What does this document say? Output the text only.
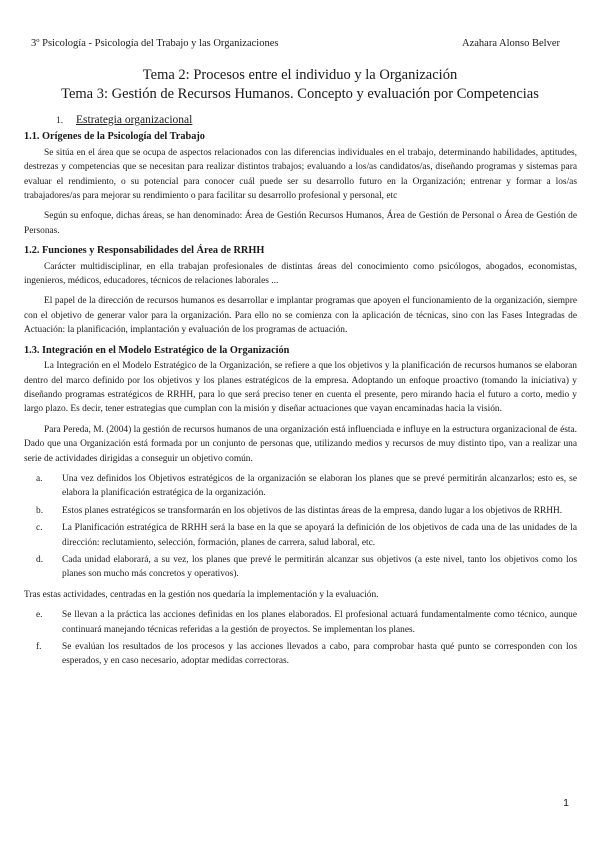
3º Psicología - Psicología del Trabajo y las Organizaciones	Azahara Alonso Belver
Tema 2: Procesos entre el individuo y la Organización
Tema 3: Gestión de Recursos Humanos. Concepto y evaluación por Competencias
1. Estrategia organizacional
1.1. Orígenes de la Psicología del Trabajo

Se sitúa en el área que se ocupa de aspectos relacionados con las diferencias individuales en el trabajo, determinando habilidades, aptitudes, destrezas y competencias que se necesitan para realizar distintos trabajos; evaluando a los/as candidatos/as, diseñando programas y sistemas para evaluar el rendimiento, o su potencial para conocer cuál puede ser su desarrollo futuro en la Organización; entrenar y formar a los/as trabajadores/as para mejorar su rendimiento o para facilitar su desarrollo profesional y personal, etc

Según su enfoque, dichas áreas, se han denominado: Área de Gestión Recursos Humanos, Área de Gestión de Personal o Área de Gestión de Personas.

1.2. Funciones y Responsabilidades del Área de RRHH

Carácter multidisciplinar, en ella trabajan profesionales de distintas áreas del conocimiento como psicólogos, abogados, economistas, ingenieros, médicos, educadores, técnicos de relaciones laborales ...

El papel de la dirección de recursos humanos es desarrollar e implantar programas que apoyen el funcionamiento de la organización, siempre con el objetivo de generar valor para la organización. Para ello no se comienza con la aplicación de técnicas, sino con las Fases Integradas de Actuación: la planificación, implantación y evaluación de los programas de actuación.

1.3. Integración en el Modelo Estratégico de la Organización

La Integración en el Modelo Estratégico de la Organización, se refiere a que los objetivos y la planificación de recursos humanos se elaboran dentro del marco definido por los objetivos y los planes estratégicos de la empresa. Adoptando un enfoque proactivo (tomando la iniciativa) y diseñando programas estratégicos de RRHH, para lo que será preciso tener en cuenta el presente, pero mirando hacia el futuro a corto, medio y largo plazo. Es decir, tener estrategias que cumplan con la misión y diseñar actuaciones que vayan encaminadas hacia la visión.

Para Pereda, M. (2004) la gestión de recursos humanos de una organización está influenciada e influye en la estructura organizacional de ésta. Dado que una Organización está formada por un conjunto de personas que, utilizando medios y recursos de muy distinto tipo, van a realizar una serie de actividades dirigidas a conseguir un objetivo común.

a.	Una vez definidos los Objetivos estratégicos de la organización se elaboran los planes que se prevé permitirán alcanzarlos; esto es, se elabora la planificación estratégica de la organización.
b.	Estos planes estratégicos se transformarán en los objetivos de las distintas áreas de la empresa, dando lugar a los objetivos de RRHH.
c.	La Planificación estratégica de RRHH será la base en la que se apoyará la definición de los objetivos de cada una de las unidades de la dirección: reclutamiento, selección, formación, planes de carrera, salud laboral, etc.
d.	Cada unidad elaborará, a su vez, los planes que prevé le permitirán alcanzar sus objetivos (a este nivel, tanto los objetivos como los planes son mucho más concretos y operativos).

Tras estas actividades, centradas en la gestión nos quedaría la implementación y la evaluación.

e.	Se llevan a la práctica las acciones definidas en los planes elaborados. El profesional actuará fundamentalmente como técnico, aunque continuará manejando técnicas referidas a la gestión de proyectos. Se implementan los planes.
f.	Se evalúan los resultados de los procesos y las acciones llevados a cabo, para comprobar hasta qué punto se corresponden con los esperados, y en caso necesario, adoptar medidas correctoras.
1
